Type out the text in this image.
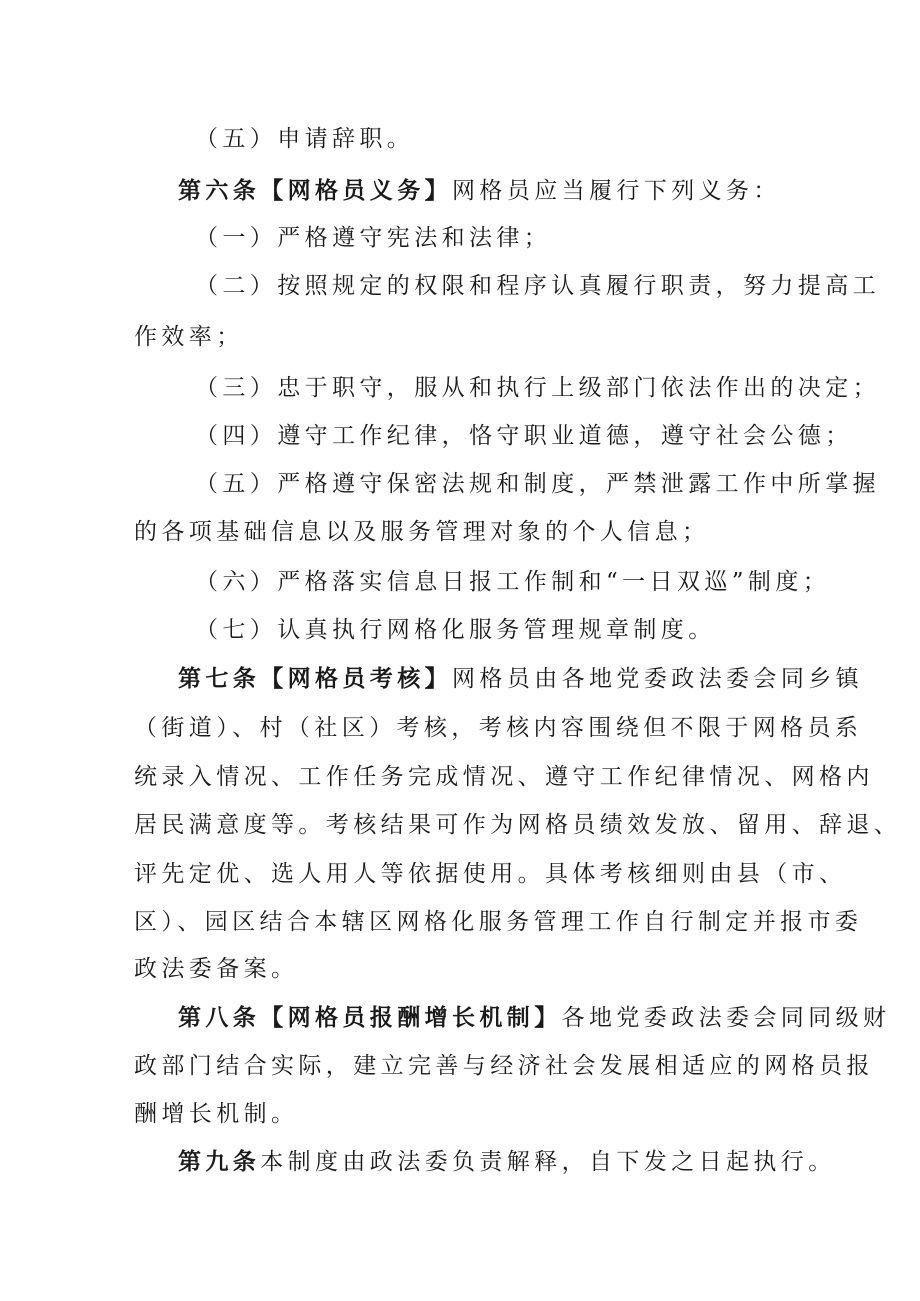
（五）申请辞职。
第六条【网格员义务】网格员应当履行下列义务：
（一）严格遵守宪法和法律；
（二）按照规定的权限和程序认真履行职责，努力提高工
作效率；
（三）忠于职守，服从和执行上级部门依法作出的决定；
（四）遵守工作纪律，恪守职业道德，遵守社会公德；
（五）严格遵守保密法规和制度，严禁泄露工作中所掌握
的各项基础信息以及服务管理对象的个人信息；
（六）严格落实信息日报工作制和“一日双巡”制度；
（七）认真执行网格化服务管理规章制度。
第七条【网格员考核】网格员由各地党委政法委会同乡镇
（街道）、村（社区）考核，考核内容围绕但不限于网格员系
统录入情况、工作任务完成情况、遵守工作纪律情况、网格内
居民满意度等。考核结果可作为网格员绩效发放、留用、辞退、
评先定优、选人用人等依据使用。具体考核细则由县（市、
区）、园区结合本辖区网格化服务管理工作自行制定并报市委
政法委备案。
第八条【网格员报酬增长机制】各地党委政法委会同同级财
政部门结合实际，建立完善与经济社会发展相适应的网格员报
酬增长机制。
第九条本制度由政法委负责解释，自下发之日起执行。
